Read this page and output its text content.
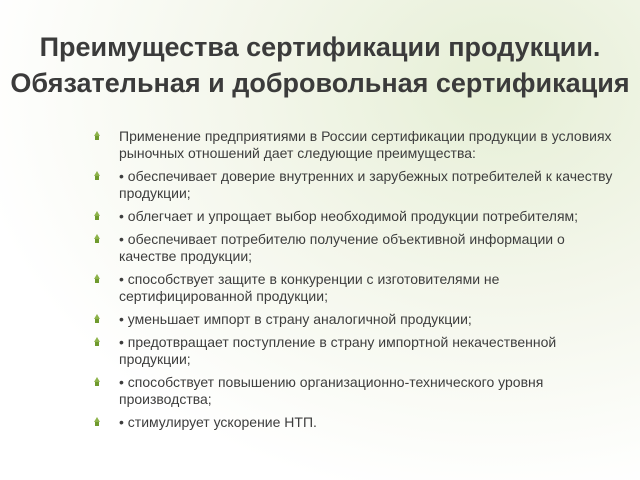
Преимущества сертификации продукции.
Обязательная и добровольная сертификация
Применение предприятиями в России сертификации продукции в условиях рыночных отношений дает следующие преимущества:
• обеспечивает доверие внутренних и зарубежных потребителей к качеству продукции;
• облегчает и упрощает выбор необходимой продукции потребителям;
• обеспечивает потребителю получение объективной информации о качестве продукции;
• способствует защите в конкуренции с изготовителями не сертифицированной продукции;
• уменьшает импорт в страну аналогичной продукции;
• предотвращает поступление в страну импортной некачественной продукции;
• способствует повышению организационно-технического уровня производства;
• стимулирует ускорение НТП.
